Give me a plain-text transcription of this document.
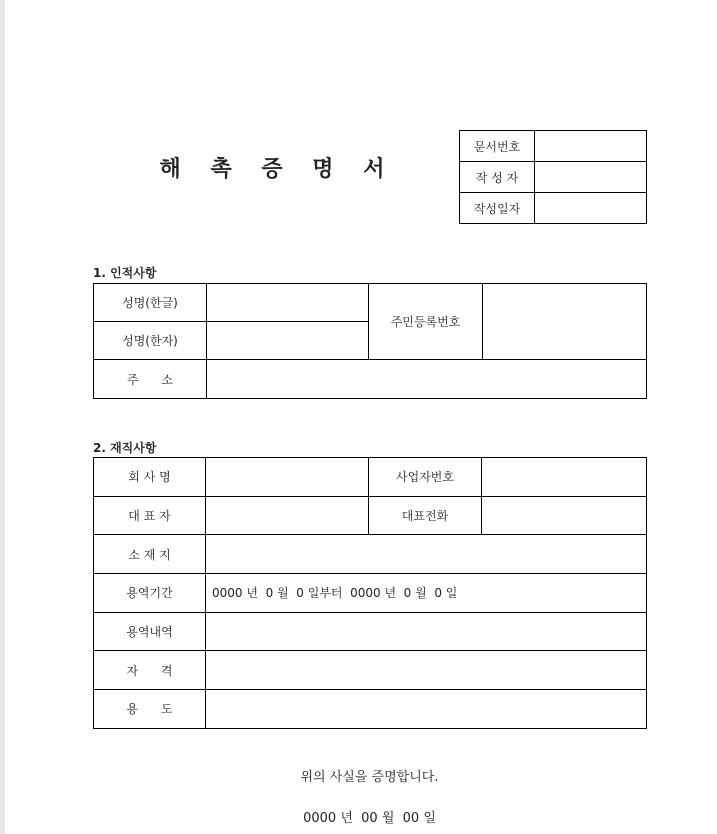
해 촉 증 명 서
문서번호	
작 성 자	
작성일자	
1. 인적사항
성명(한글)		주민등록번호	
성명(한자)			
주      소			
2. 재직사항
회 사 명		사업자번호	
대 표 자		대표전화	
소 재 지			
용역기간	0000 년  0 월  0 일부터  0000 년  0 월  0 일		
용역내역			
자      격			
용      도			
위의 사실을 증명합니다.
0000 년  00 월  00 일
